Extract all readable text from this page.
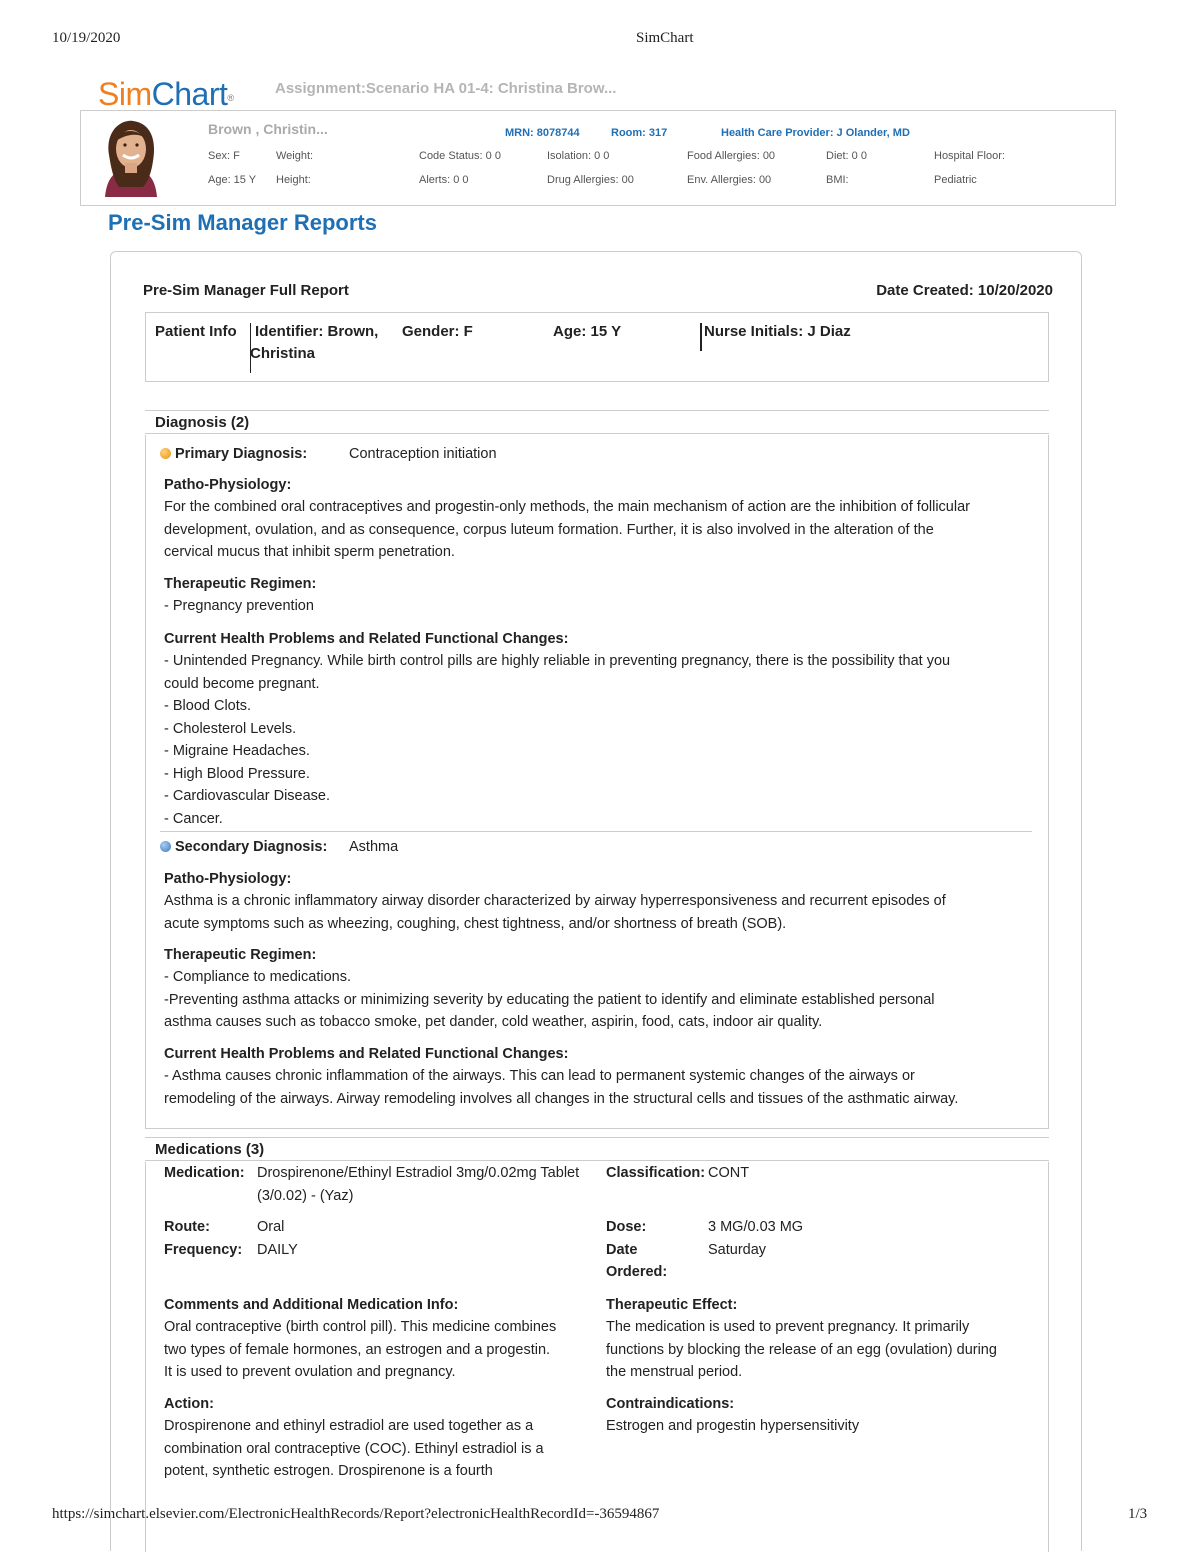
10/19/2020	SimChart
https://simchart.elsevier.com/ElectronicHealthRecords/Report?electronicHealthRecordId=-36594867	1/3
SimChart®
Assignment:Scenario HA 01-4: Christina Brow...
Brown , Christin...	MRN: 8078744	Room: 317	Health Care Provider: J Olander, MD
Sex: F	Weight:	Code Status: 0 0	Isolation: 0 0	Food Allergies: 00	Diet: 0 0	Hospital Floor:
Age: 15 Y Height:	Alerts: 0 0	Drug Allergies: 00	Env. Allergies: 00	BMI:	Pediatric
Pre-Sim Manager Reports
Pre-Sim Manager Full Report	Date Created: 10/20/2020
Patient Info Identifier: Brown,
Christina
Gender: F	Age: 15 Y	Nurse Initials: J Diaz
Diagnosis (2)
Primary Diagnosis:	Contraception initiation
Patho-Physiology:
For the combined oral contraceptives and progestin-only methods, the main mechanism of action are the inhibition of follicular
development, ovulation, and as consequence, corpus luteum formation. Further, it is also involved in the alteration of the
cervical mucus that inhibit sperm penetration.
Therapeutic Regimen:
- Pregnancy prevention
Current Health Problems and Related Functional Changes:
- Unintended Pregnancy. While birth control pills are highly reliable in preventing pregnancy, there is the possibility that you
could become pregnant.
- Blood Clots.
- Cholesterol Levels.
- Migraine Headaches.
- High Blood Pressure.
- Cardiovascular Disease.
- Cancer.
Secondary Diagnosis: Asthma
Patho-Physiology:
Asthma is a chronic inflammatory airway disorder characterized by airway hyperresponsiveness and recurrent episodes of
acute symptoms such as wheezing, coughing, chest tightness, and/or shortness of breath (SOB).
Therapeutic Regimen:
- Compliance to medications.
-Preventing asthma attacks or minimizing severity by educating the patient to identify and eliminate established personal
asthma causes such as tobacco smoke, pet dander, cold weather, aspirin, food, cats, indoor air quality.
Current Health Problems and Related Functional Changes:
- Asthma causes chronic inflammation of the airways. This can lead to permanent systemic changes of the airways or
remodeling of the airways. Airway remodeling involves all changes in the structural cells and tissues of the asthmatic airway.
Medications (3)
Medication: Drospirenone/Ethinyl Estradiol 3mg/0.02mg Tablet
(3/0.02) - (Yaz)
Classification: CONT
Route:	Oral
Frequency: DAILY
Dose:	3 MG/0.03 MG
Date
Ordered:
Saturday
Comments and Additional Medication Info:
Oral contraceptive (birth control pill). This medicine combines
two types of female hormones, an estrogen and a progestin.
It is used to prevent ovulation and pregnancy.
Therapeutic Effect:
The medication is used to prevent pregnancy. It primarily
functions by blocking the release of an egg (ovulation) during
the menstrual period.
Action:
Drospirenone and ethinyl estradiol are used together as a
combination oral contraceptive (COC). Ethinyl estradiol is a
potent, synthetic estrogen. Drospirenone is a fourth
Contraindications:
Estrogen and progestin hypersensitivity
